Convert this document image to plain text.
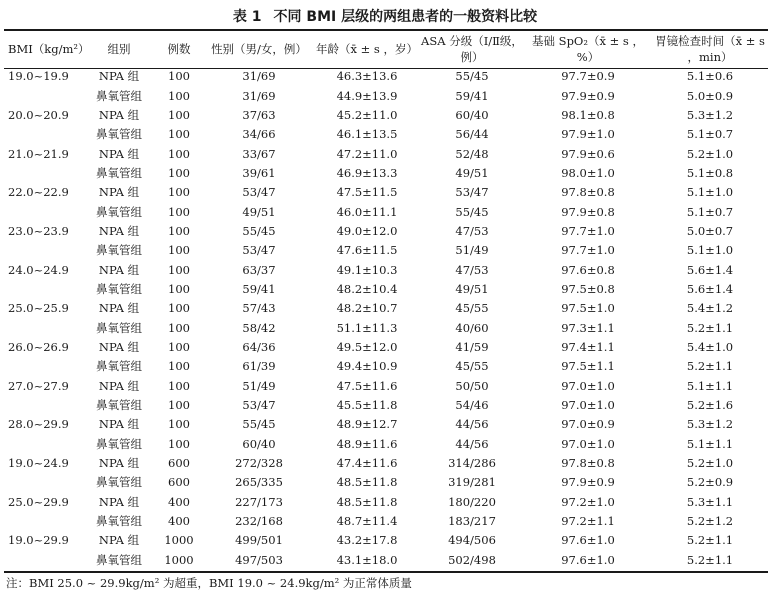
表 1 不同 BMI 层级的两组患者的一般资料比较
BMI（kg/m²）	组别	例数	性别（男/女，例）	年龄（x̄ ± s ，岁）	ASA 分级（Ⅰ/Ⅱ级，例）	基础 SpO₂（x̄ ± s ，%）	胃镜检查时间（x̄ ± s ，min）
19.0~19.9	NPA 组	100	31/69	46.3±13.6	55/45	97.7±0.9	5.1±0.6
	鼻氧管组	100	31/69	44.9±13.9	59/41	97.9±0.9	5.0±0.9
20.0~20.9	NPA 组	100	37/63	45.2±11.0	60/40	98.1±0.8	5.3±1.2
	鼻氧管组	100	34/66	46.1±13.5	56/44	97.9±1.0	5.1±0.7
21.0~21.9	NPA 组	100	33/67	47.2±11.0	52/48	97.9±0.6	5.2±1.0
	鼻氧管组	100	39/61	46.9±13.3	49/51	98.0±1.0	5.1±0.8
22.0~22.9	NPA 组	100	53/47	47.5±11.5	53/47	97.8±0.8	5.1±1.0
	鼻氧管组	100	49/51	46.0±11.1	55/45	97.9±0.8	5.1±0.7
23.0~23.9	NPA 组	100	55/45	49.0±12.0	47/53	97.7±1.0	5.0±0.7
	鼻氧管组	100	53/47	47.6±11.5	51/49	97.7±1.0	5.1±1.0
24.0~24.9	NPA 组	100	63/37	49.1±10.3	47/53	97.6±0.8	5.6±1.4
	鼻氧管组	100	59/41	48.2±10.4	49/51	97.5±0.8	5.6±1.4
25.0~25.9	NPA 组	100	57/43	48.2±10.7	45/55	97.5±1.0	5.4±1.2
	鼻氧管组	100	58/42	51.1±11.3	40/60	97.3±1.1	5.2±1.1
26.0~26.9	NPA 组	100	64/36	49.5±12.0	41/59	97.4±1.1	5.4±1.0
	鼻氧管组	100	61/39	49.4±10.9	45/55	97.5±1.1	5.2±1.1
27.0~27.9	NPA 组	100	51/49	47.5±11.6	50/50	97.0±1.0	5.1±1.1
	鼻氧管组	100	53/47	45.5±11.8	54/46	97.0±1.0	5.2±1.6
28.0~29.9	NPA 组	100	55/45	48.9±12.7	44/56	97.0±0.9	5.3±1.2
	鼻氧管组	100	60/40	48.9±11.6	44/56	97.0±1.0	5.1±1.1
19.0~24.9	NPA 组	600	272/328	47.4±11.6	314/286	97.8±0.8	5.2±1.0
	鼻氧管组	600	265/335	48.5±11.8	319/281	97.9±0.9	5.2±0.9
25.0~29.9	NPA 组	400	227/173	48.5±11.8	180/220	97.2±1.0	5.3±1.1
	鼻氧管组	400	232/168	48.7±11.4	183/217	97.2±1.1	5.2±1.2
19.0~29.9	NPA 组	1000	499/501	43.2±17.8	494/506	97.6±1.0	5.2±1.1
	鼻氧管组	1000	497/503	43.1±18.0	502/498	97.6±1.0	5.2±1.1
注：BMI 25.0 ~ 29.9kg/m² 为超重，BMI 19.0 ~ 24.9kg/m² 为正常体质量
